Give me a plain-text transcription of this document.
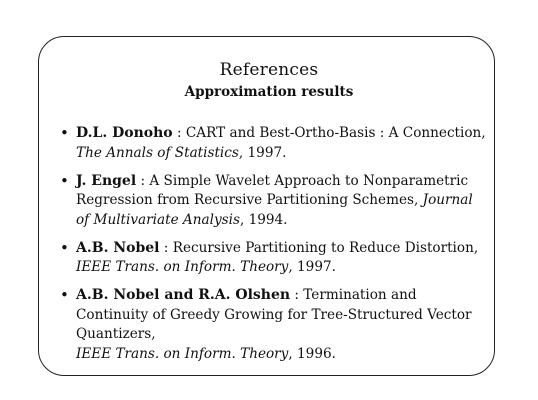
References
Approximation results
• D.L. Donoho : CART and Best-Ortho-Basis : A Connection,
The Annals of Statistics, 1997.
• J. Engel : A Simple Wavelet Approach to Nonparametric Regression from Recursive Partitioning Schemes, Journal of Multivariate Analysis, 1994.
• A.B. Nobel : Recursive Partitioning to Reduce Distortion,
IEEE Trans. on Inform. Theory, 1997.
• A.B. Nobel and R.A. Olshen : Termination and Continuity of Greedy Growing for Tree-Structured Vector Quantizers,
IEEE Trans. on Inform. Theory, 1996.
